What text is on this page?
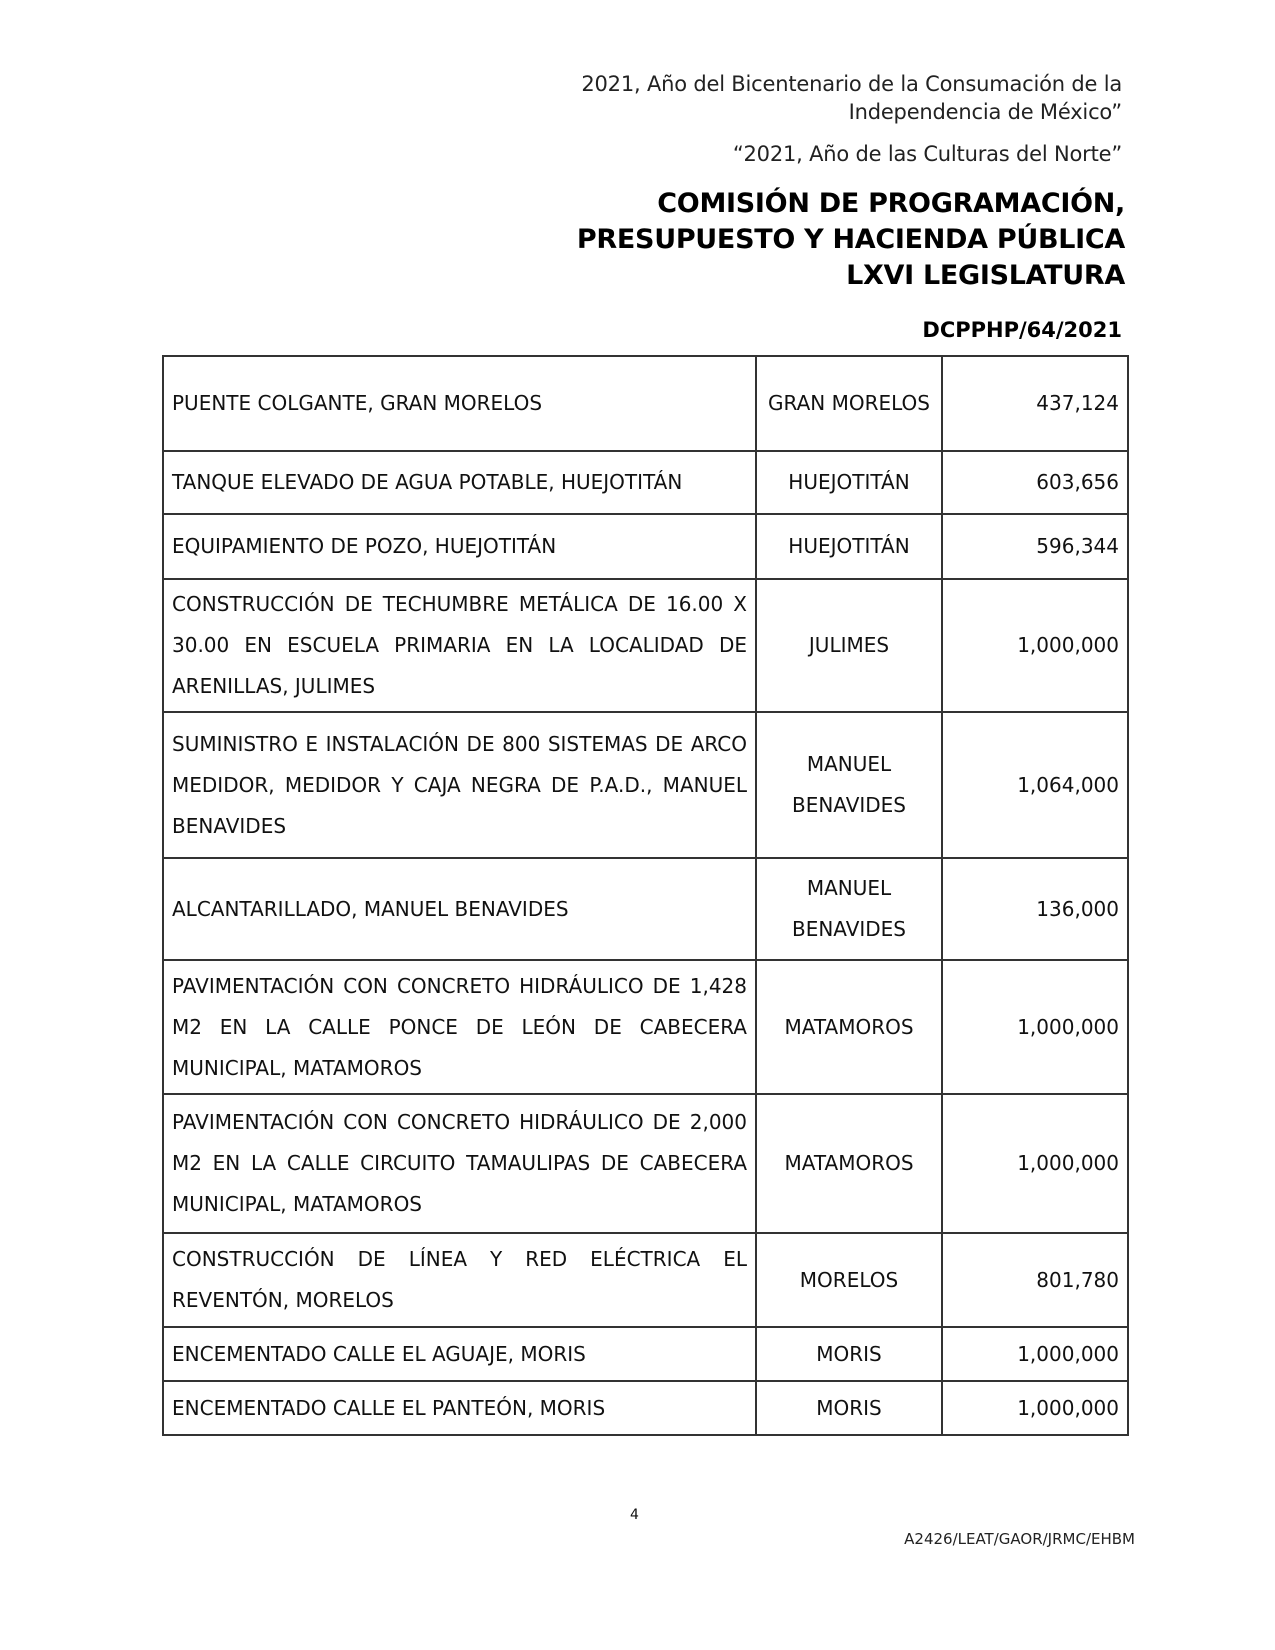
2021, Año del Bicentenario de la Consumación de la
Independencia de México”
“2021, Año de las Culturas del Norte”
COMISIÓN DE PROGRAMACIÓN,
PRESUPUESTO Y HACIENDA PÚBLICA
LXVI LEGISLATURA
DCPPHP/64/2021
PUENTE COLGANTE, GRAN MORELOS	GRAN MORELOS	437,124
TANQUE ELEVADO DE AGUA POTABLE, HUEJOTITÁN	HUEJOTITÁN	603,656
EQUIPAMIENTO DE POZO, HUEJOTITÁN	HUEJOTITÁN	596,344
CONSTRUCCIÓN DE TECHUMBRE METÁLICA DE 16.00 X 30.00 EN ESCUELA PRIMARIA EN LA LOCALIDAD DE ARENILLAS, JULIMES	JULIMES	1,000,000
SUMINISTRO E INSTALACIÓN DE 800 SISTEMAS DE ARCO MEDIDOR, MEDIDOR Y CAJA NEGRA DE P.A.D., MANUEL BENAVIDES	MANUEL BENAVIDES	1,064,000
ALCANTARILLADO, MANUEL BENAVIDES	MANUEL BENAVIDES	136,000
PAVIMENTACIÓN CON CONCRETO HIDRÁULICO DE 1,428 M2 EN LA CALLE PONCE DE LEÓN DE CABECERA MUNICIPAL, MATAMOROS	MATAMOROS	1,000,000
PAVIMENTACIÓN CON CONCRETO HIDRÁULICO DE 2,000 M2 EN LA CALLE CIRCUITO TAMAULIPAS DE CABECERA MUNICIPAL, MATAMOROS	MATAMOROS	1,000,000
CONSTRUCCIÓN DE LÍNEA Y RED ELÉCTRICA EL REVENTÓN, MORELOS	MORELOS	801,780
ENCEMENTADO CALLE EL AGUAJE, MORIS	MORIS	1,000,000
ENCEMENTADO CALLE EL PANTEÓN, MORIS	MORIS	1,000,000
4
A2426/LEAT/GAOR/JRMC/EHBM
